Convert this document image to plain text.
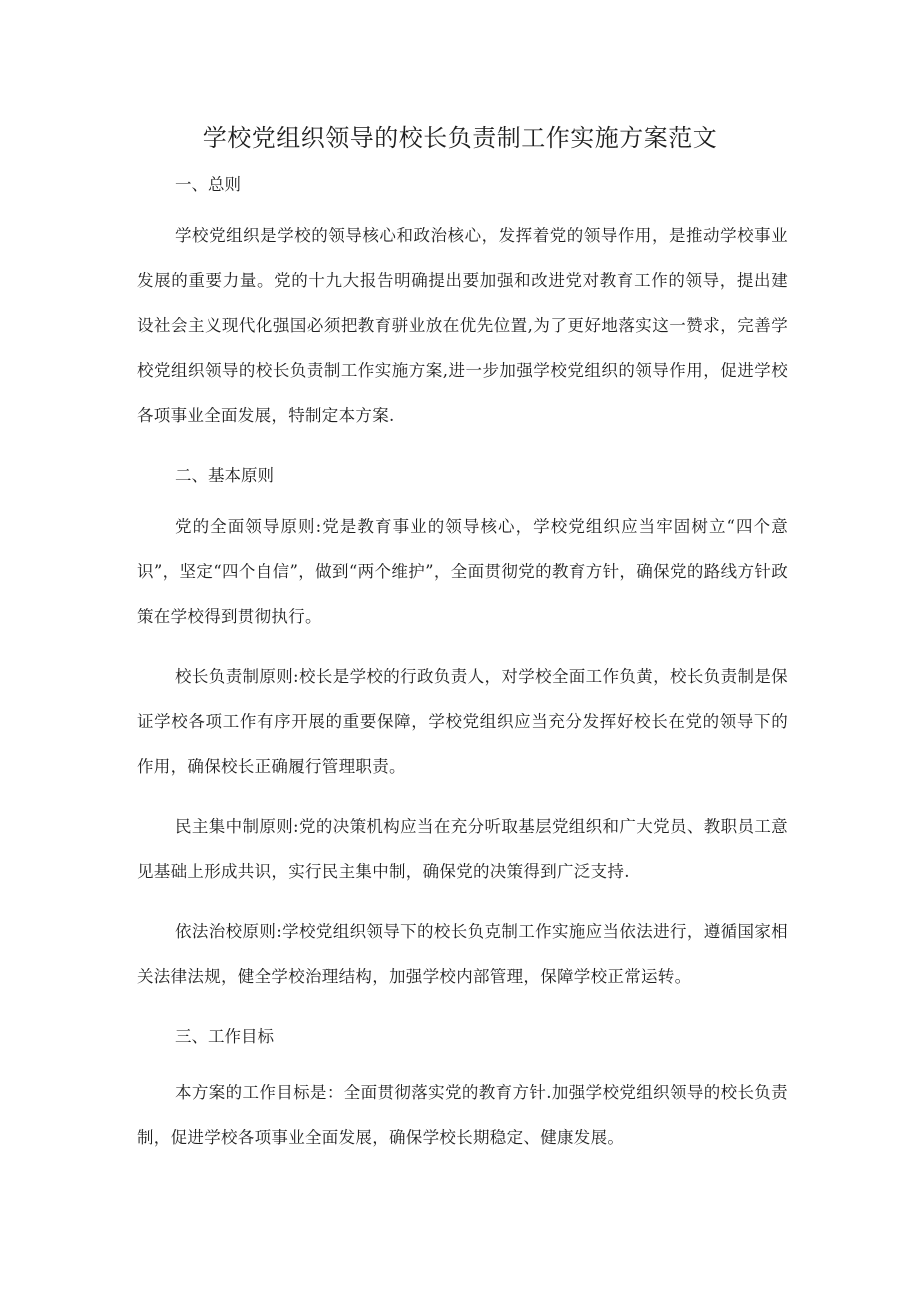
学校党组织领导的校长负责制工作实施方案范文
一、总则

学校党组织是学校的领导核心和政治核心，发挥着党的领导作用，是推动学校事业发展的重要力量。党的十九大报告明确提出要加强和改进党对教育工作的领导，提出建设社会主义现代化强国必须把教育骈业放在优先位置,为了更好地落实这一赞求，完善学校党组织领导的校长负责制工作实施方案,进一步加强学校党组织的领导作用，促进学校各项事业全面发展，特制定本方案.

二、基本原则

党的全面领导原则:党是教育事业的领导核心，学校党组织应当牢固树立“四个意识”，坚定“四个自信”，做到“两个维护”，全面贯彻党的教育方针，确保党的路线方针政策在学校得到贯彻执行。

校长负责制原则:校长是学校的行政负责人，对学校全面工作负黄，校长负责制是保证学校各项工作有序开展的重要保障，学校党组织应当充分发挥好校长在党的领导下的作用，确保校长正确履行管理职责。

民主集中制原则:党的决策机构应当在充分听取基层党组织和广大党员、教职员工意见基础上形成共识，实行民主集中制，确保党的决策得到广泛支持.

依法治校原则:学校党组织领导下的校长负克制工作实施应当依法进行，遵循国家相关法律法规，健全学校治理结构，加强学校内部管理，保障学校正常运转。

三、工作目标

本方案的工作目标是：全面贯彻落实党的教育方针.加强学校党组织领导的校长负责制，促进学校各项事业全面发展，确保学校长期稳定、健康发展。
